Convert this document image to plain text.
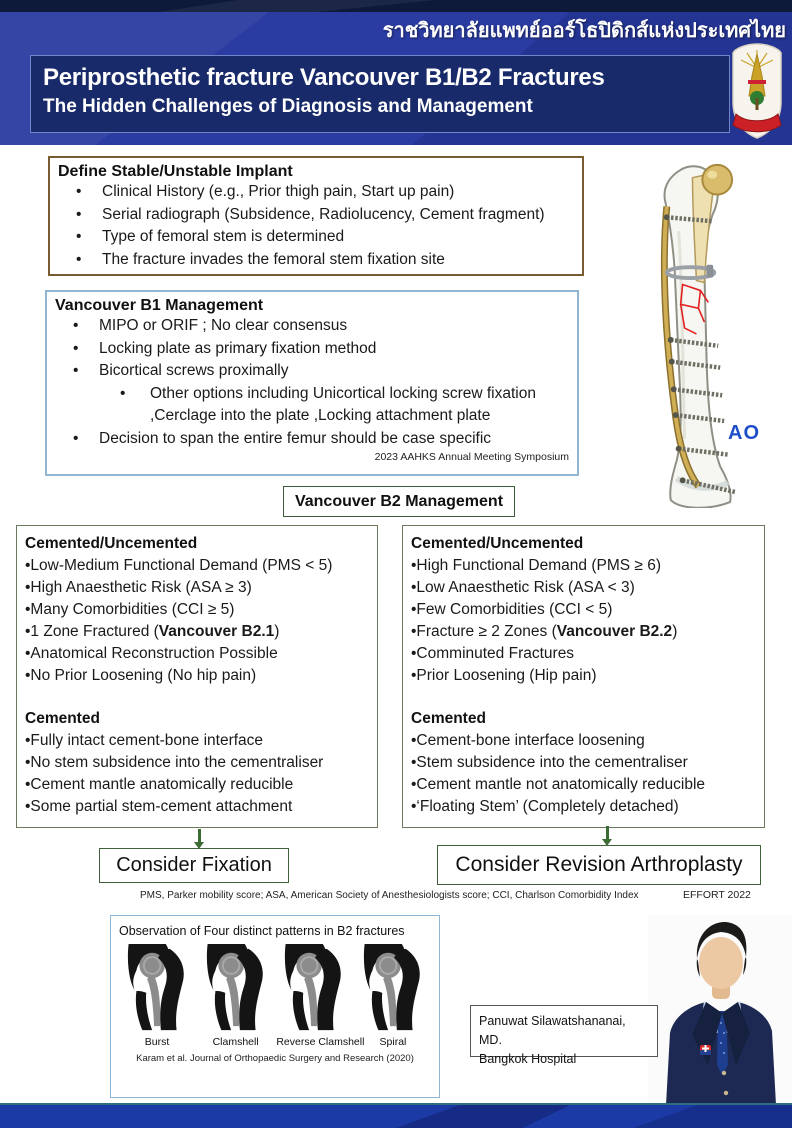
ราชวิทยาลัยแพทย์ออร์โธปิดิกส์แห่งประเทศไทย
Periprosthetic fracture Vancouver B1/B2 Fractures
The Hidden Challenges of Diagnosis and Management
Define Stable/Unstable Implant
• Clinical History (e.g., Prior thigh pain, Start up pain)
• Serial radiograph (Subsidence, Radiolucency, Cement fragment)
• Type of femoral stem is determined
• The fracture invades the femoral stem fixation site
Vancouver B1 Management
• MIPO or ORIF ; No clear consensus
• Locking plate as primary fixation method
• Bicortical screws proximally
• Other options including Unicortical locking screw fixation ,Cerclage into the plate ,Locking attachment plate
• Decision to span the entire femur should be case specific
2023 AAHKS Annual Meeting Symposium
AO
Vancouver B2 Management
Cemented/Uncemented
•Low-Medium Functional Demand (PMS < 5)
•High Anaesthetic Risk (ASA ≥ 3)
•Many Comorbidities (CCI ≥ 5)
•1 Zone Fractured (Vancouver B2.1)
•Anatomical Reconstruction Possible
•No Prior Loosening (No hip pain)
Cemented
•Fully intact cement-bone interface
•No stem subsidence into the cementraliser
•Cement mantle anatomically reducible
•Some partial stem-cement attachment
Cemented/Uncemented
•High Functional Demand (PMS ≥ 6)
•Low Anaesthetic Risk (ASA < 3)
•Few Comorbidities (CCI < 5)
•Fracture ≥ 2 Zones (Vancouver B2.2)
•Comminuted Fractures
•Prior Loosening (Hip pain)
Cemented
•Cement-bone interface loosening
•Stem subsidence into the cementraliser
•Cement mantle not anatomically reducible
•‘Floating Stem’ (Completely detached)
Consider Fixation	Consider Revision Arthroplasty
PMS, Parker mobility score; ASA, American Society of Anesthesiologists score; CCI, Charlson Comorbidity Index	EFFORT 2022
Observation of Four distinct patterns in B2 fractures
Burst	Clamshell	Reverse Clamshell	Spiral
Karam et al. Journal of Orthopaedic Surgery and Research (2020)
Panuwat Silawatshananai, MD.
Bangkok Hospital
